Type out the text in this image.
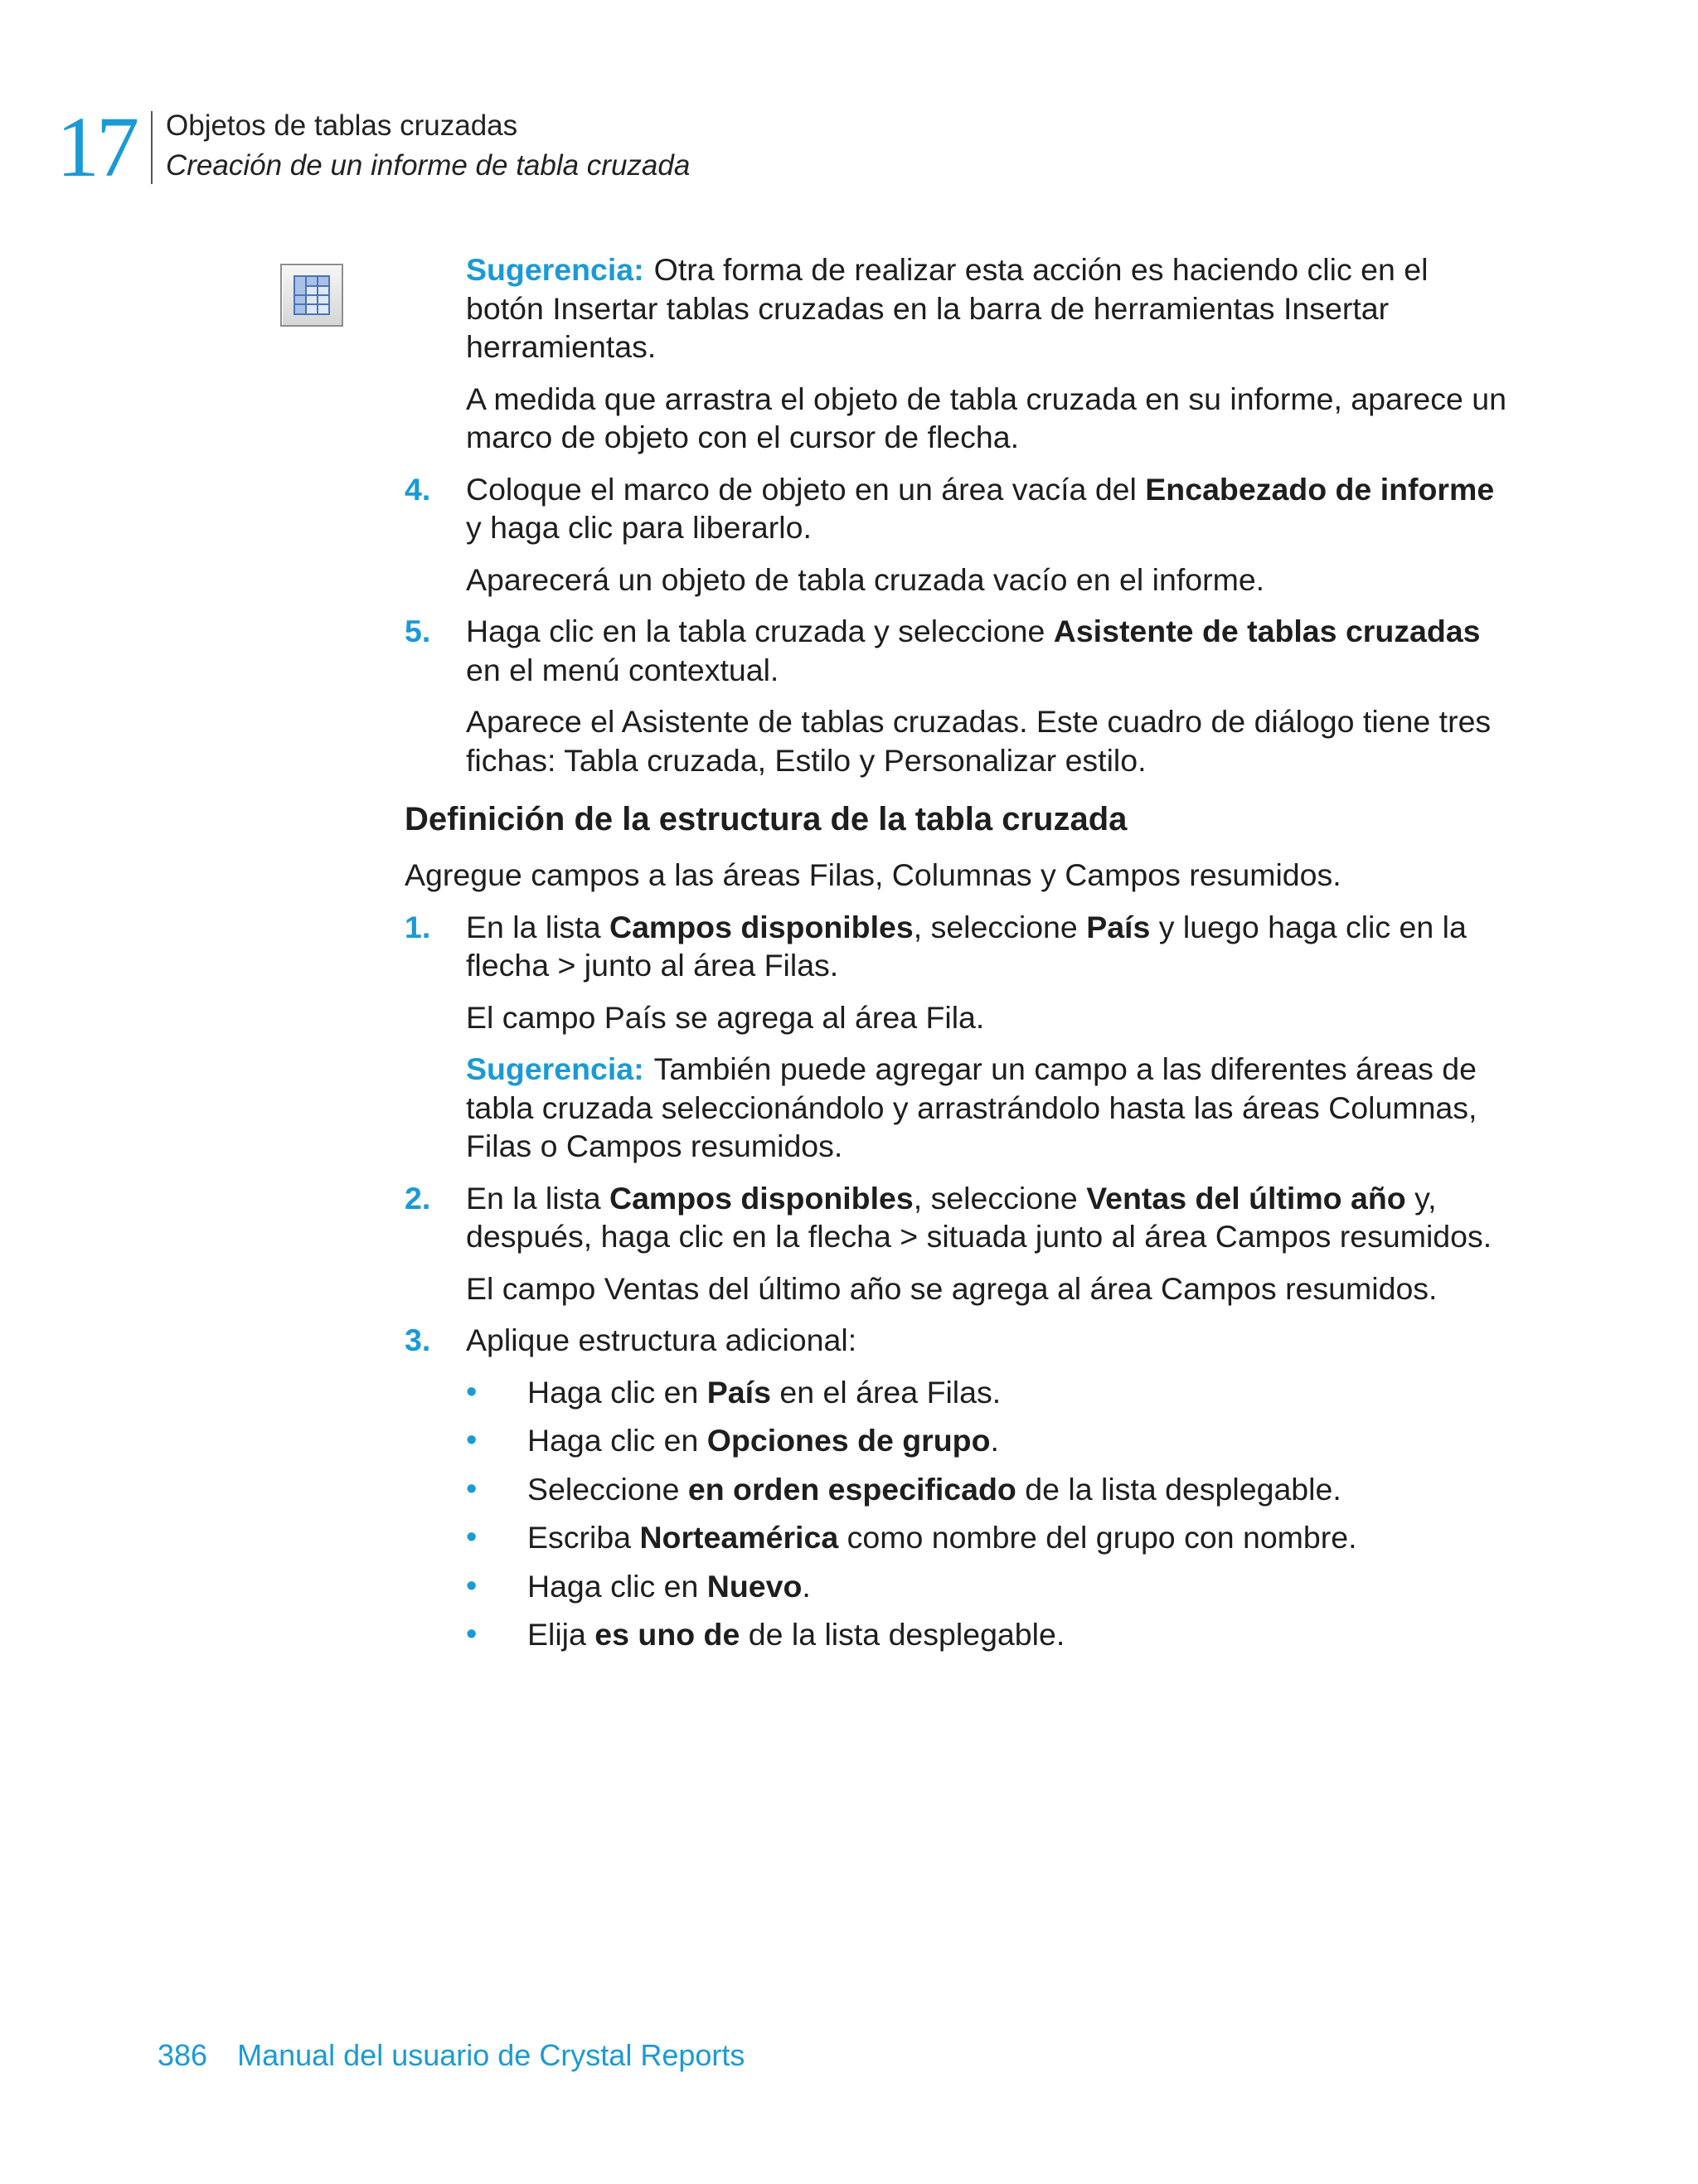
17	Objetos de tablas cruzadas
Creación de un informe de tabla cruzada

Sugerencia: Otra forma de realizar esta acción es haciendo clic en el botón Insertar tablas cruzadas en la barra de herramientas Insertar herramientas.

A medida que arrastra el objeto de tabla cruzada en su informe, aparece un marco de objeto con el cursor de flecha.

4. Coloque el marco de objeto en un área vacía del Encabezado de informe y haga clic para liberarlo.

Aparecerá un objeto de tabla cruzada vacío en el informe.

5. Haga clic en la tabla cruzada y seleccione Asistente de tablas cruzadas en el menú contextual.

Aparece el Asistente de tablas cruzadas. Este cuadro de diálogo tiene tres fichas: Tabla cruzada, Estilo y Personalizar estilo.

Definición de la estructura de la tabla cruzada

Agregue campos a las áreas Filas, Columnas y Campos resumidos.

1. En la lista Campos disponibles, seleccione País y luego haga clic en la flecha > junto al área Filas.

El campo País se agrega al área Fila.

Sugerencia: También puede agregar un campo a las diferentes áreas de tabla cruzada seleccionándolo y arrastrándolo hasta las áreas Columnas, Filas o Campos resumidos.

2. En la lista Campos disponibles, seleccione Ventas del último año y, después, haga clic en la flecha > situada junto al área Campos resumidos.

El campo Ventas del último año se agrega al área Campos resumidos.

3. Aplique estructura adicional:
• Haga clic en País en el área Filas.
• Haga clic en Opciones de grupo.
• Seleccione en orden especificado de la lista desplegable.
• Escriba Norteamérica como nombre del grupo con nombre.
• Haga clic en Nuevo.
• Elija es uno de de la lista desplegable.
386 Manual del usuario de Crystal Reports
